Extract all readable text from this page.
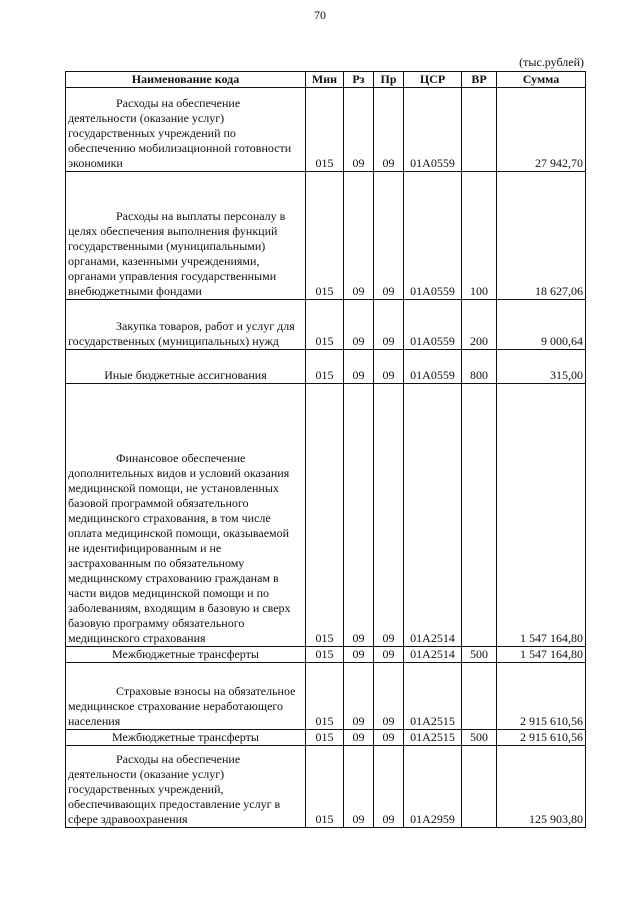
70
(тыс.рублей)
Наименование кода	Мин	Рз	Пр	ЦСР	ВР	Сумма
Расходы на обеспечение деятельности (оказание услуг) государственных учреждений по обеспечению мобилизационной готовности экономики	015	09	09	01А0559		27 942,70
Расходы на выплаты персоналу в целях обеспечения выполнения функций государственными (муниципальными) органами, казенными учреждениями, органами управления государственными внебюджетными фондами	015	09	09	01А0559	100	18 627,06
Закупка товаров, работ и услуг для государственных (муниципальных) нужд	015	09	09	01А0559	200	9 000,64
Иные бюджетные ассигнования	015	09	09	01А0559	800	315,00
Финансовое обеспечение дополнительных видов и условий оказания медицинской помощи, не установленных базовой программой обязательного медицинского страхования, в том числе оплата медицинской помощи, оказываемой не идентифицированным и не застрахованным по обязательному медицинскому страхованию гражданам в части видов медицинской помощи и по заболеваниям, входящим в базовую и сверх базовую программу обязательного медицинского страхования	015	09	09	01А2514		1 547 164,80
Межбюджетные трансферты	015	09	09	01А2514	500	1 547 164,80
Страховые взносы на обязательное медицинское страхование неработающего населения	015	09	09	01А2515		2 915 610,56
Межбюджетные трансферты	015	09	09	01А2515	500	2 915 610,56
Расходы на обеспечение деятельности (оказание услуг) государственных учреждений, обеспечивающих предоставление услуг в сфере здравоохранения	015	09	09	01А2959		125 903,80
